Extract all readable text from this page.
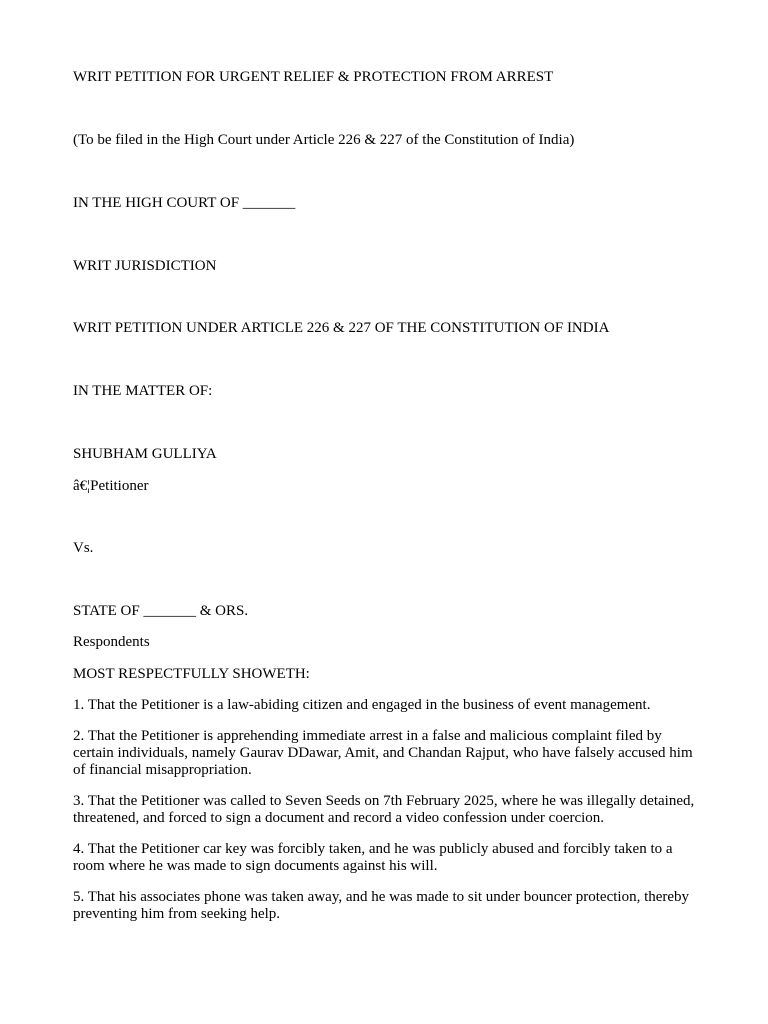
WRIT PETITION FOR URGENT RELIEF & PROTECTION FROM ARREST

(To be filed in the High Court under Article 226 & 227 of the Constitution of India)

IN THE HIGH COURT OF _______

WRIT JURISDICTION

WRIT PETITION UNDER ARTICLE 226 & 227 OF THE CONSTITUTION OF INDIA

IN THE MATTER OF:

SHUBHAM GULLIYA

â€¦Petitioner

Vs.

STATE OF _______ & ORS.

Respondents

MOST RESPECTFULLY SHOWETH:

1. That the Petitioner is a law-abiding citizen and engaged in the business of event management.

2. That the Petitioner is apprehending immediate arrest in a false and malicious complaint filed by certain individuals, namely Gaurav DDawar, Amit, and Chandan Rajput, who have falsely accused him of financial misappropriation.

3. That the Petitioner was called to Seven Seeds on 7th February 2025, where he was illegally detained, threatened, and forced to sign a document and record a video confession under coercion.

4. That the Petitioner car key was forcibly taken, and he was publicly abused and forcibly taken to a room where he was made to sign documents against his will.

5. That his associates phone was taken away, and he was made to sit under bouncer protection, thereby preventing him from seeking help.
